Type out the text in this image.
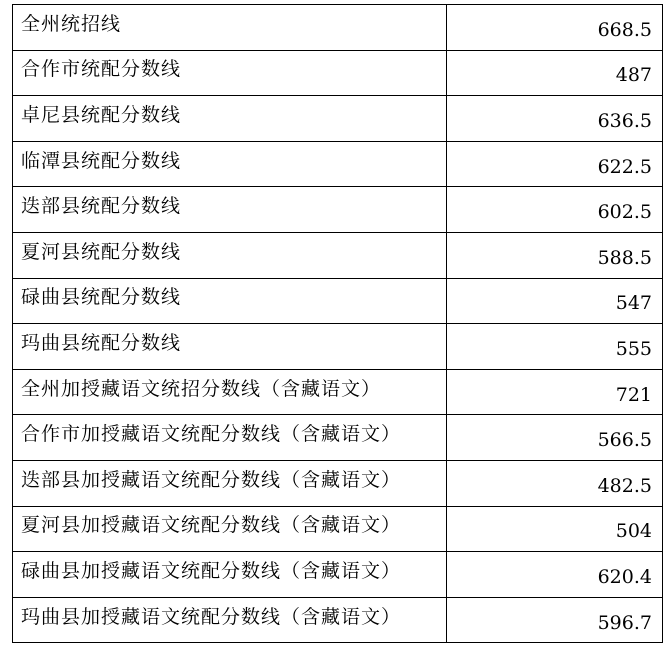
全州统招线	668.5
合作市统配分数线	487
卓尼县统配分数线	636.5
临潭县统配分数线	622.5
迭部县统配分数线	602.5
夏河县统配分数线	588.5
碌曲县统配分数线	547
玛曲县统配分数线	555
全州加授藏语文统招分数线（含藏语文）	721
合作市加授藏语文统配分数线（含藏语文）	566.5
迭部县加授藏语文统配分数线（含藏语文）	482.5
夏河县加授藏语文统配分数线（含藏语文）	504
碌曲县加授藏语文统配分数线（含藏语文）	620.4
玛曲县加授藏语文统配分数线（含藏语文）	596.7
